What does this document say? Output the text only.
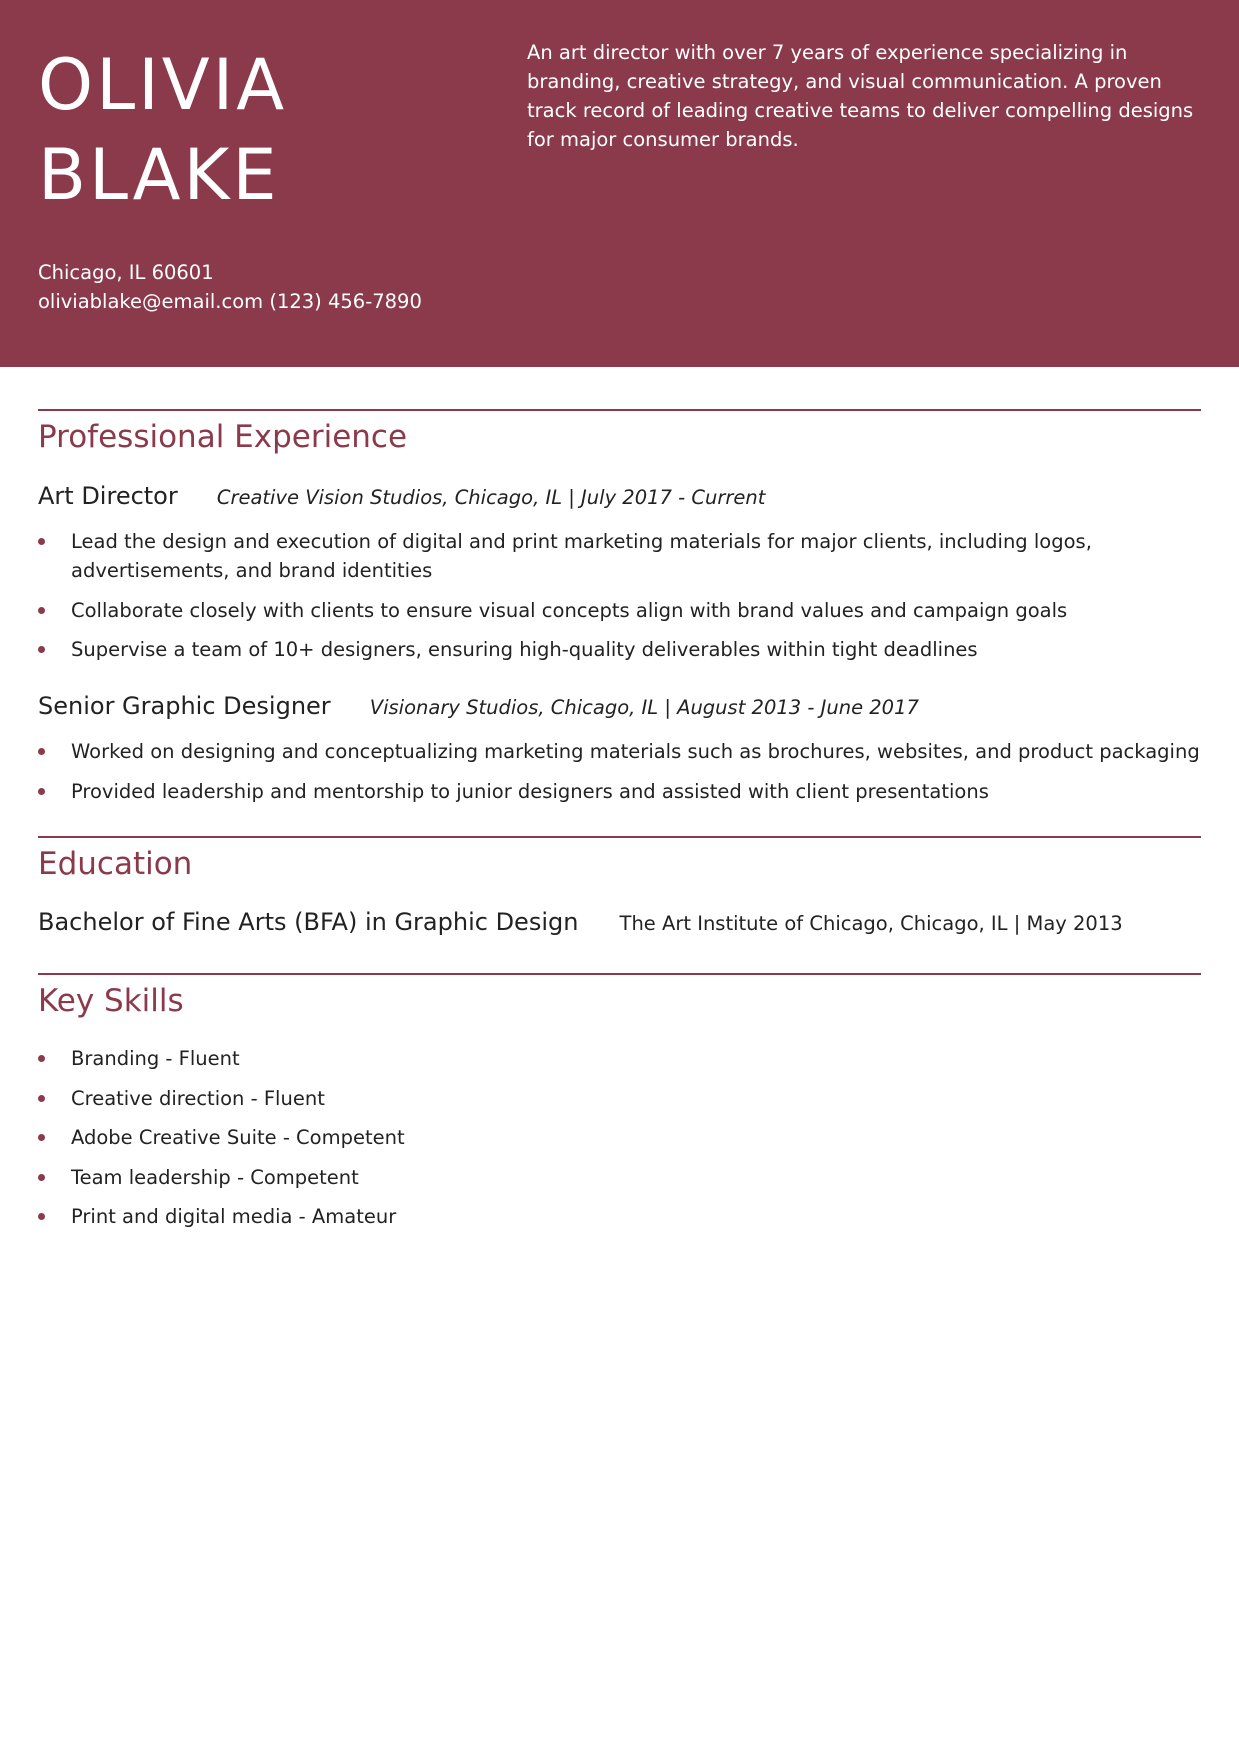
OLIVIA
BLAKE

An art director with over 7 years of experience specializing in branding, creative strategy, and visual communication. A proven track record of leading creative teams to deliver compelling designs for major consumer brands.

Chicago, IL 60601
oliviablake@email.com (123) 456-7890
Professional Experience
Art Director Creative Vision Studios, Chicago, IL | July 2017 - Current
Lead the design and execution of digital and print marketing materials for major clients, including logos, advertisements, and brand identities
Collaborate closely with clients to ensure visual concepts align with brand values and campaign goals
Supervise a team of 10+ designers, ensuring high-quality deliverables within tight deadlines
Senior Graphic Designer Visionary Studios, Chicago, IL | August 2013 - June 2017
Worked on designing and conceptualizing marketing materials such as brochures, websites, and product packaging
Provided leadership and mentorship to junior designers and assisted with client presentations
Education
Bachelor of Fine Arts (BFA) in Graphic Design The Art Institute of Chicago, Chicago, IL | May 2013
Key Skills
Branding - Fluent
Creative direction - Fluent
Adobe Creative Suite - Competent
Team leadership - Competent
Print and digital media - Amateur
